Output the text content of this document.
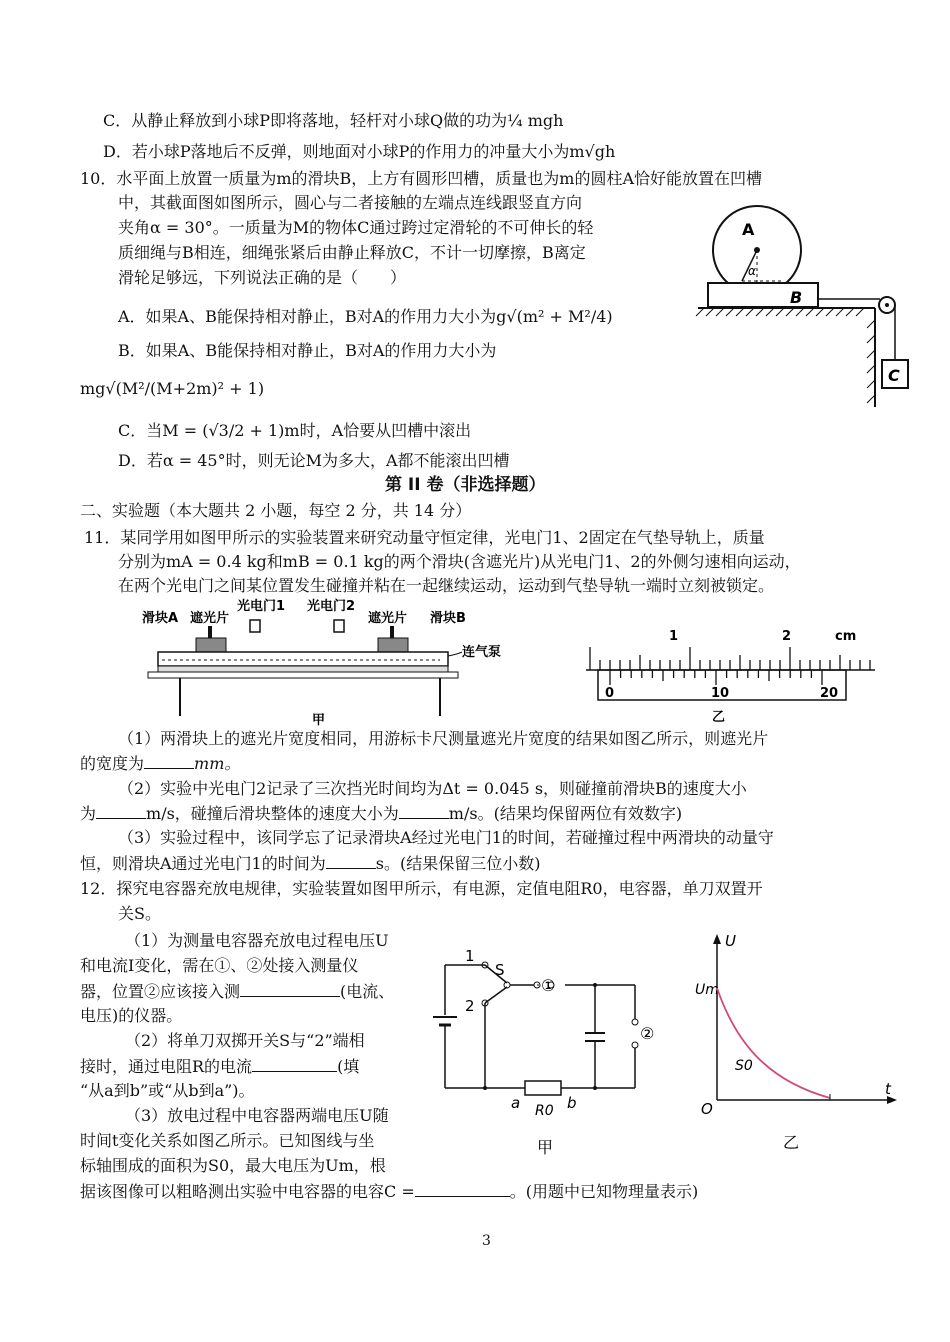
C．从静止释放到小球P即将落地，轻杆对小球Q做的功为¼ mgh
D．若小球P落地后不反弹，则地面对小球P的作用力的冲量大小为m√gh
10．水平面上放置一质量为m的滑块B，上方有圆形凹槽，质量也为m的圆柱A恰好能放置在凹槽
中，其截面图如图所示，圆心与二者接触的左端点连线跟竖直方向
夹角α = 30°。一质量为M的物体C通过跨过定滑轮的不可伸长的轻
质细绳与B相连，细绳张紧后由静止释放C，不计一切摩擦，B离定
滑轮足够远，下列说法正确的是（　　）
A．如果A、B能保持相对静止，B对A的作用力大小为g√(m² + M²/4)
B．如果A、B能保持相对静止，B对A的作用力大小为
mg√(M²/(M+2m)² + 1)
C．当M = (√3/2 + 1)m时，A恰要从凹槽中滚出
D．若α = 45°时，则无论M为多大，A都不能滚出凹槽
A
α
B
C
第 II 卷（非选择题）
二、实验题（本大题共 2 小题，每空 2 分，共 14 分）
11．某同学用如图甲所示的实验装置来研究动量守恒定律，光电门1、2固定在气垫导轨上，质量
分别为mA = 0.4 kg和mB = 0.1 kg的两个滑块(含遮光片)从光电门1、2的外侧匀速相向运动，
在两个光电门之间某位置发生碰撞并粘在一起继续运动，运动到气垫导轨一端时立刻被锁定。
滑块A 遮光片
光电门1 光电门2
遮光片 滑块B
连气泵
甲
1	2	cm
0	10	20
乙
（1）两滑块上的遮光片宽度相同，用游标卡尺测量遮光片宽度的结果如图乙所示，则遮光片
的宽度为	mm。
（2）实验中光电门2记录了三次挡光时间均为Δt = 0.045 s，则碰撞前滑块B的速度大小
为	m/s，碰撞后滑块整体的速度大小为	m/s。(结果均保留两位有效数字)
（3）实验过程中，该同学忘了记录滑块A经过光电门1的时间，若碰撞过程中两滑块的动量守
恒，则滑块A通过光电门1的时间为	s。(结果保留三位小数)
12．探究电容器充放电规律，实验装置如图甲所示，有电源，定值电阻R0，电容器，单刀双置开
关S。
（1）为测量电容器充放电过程电压U
和电流I变化，需在①、②处接入测量仪
器，位置②应该接入测	(电流、
电压)的仪器。
（2）将单刀双掷开关S与“2”端相
接时，通过电阻R的电流	(填
“从a到b”或“从b到a”)。
（3）放电过程中电容器两端电压U随
时间t变化关系如图乙所示。已知图线与坐
标轴围成的面积为S0，最大电压为Um，根
据该图像可以粗略测出实验中电容器的电容C =	。(用题中已知物理量表示)
1
2
S
①
a	b
R0
②
甲
U
t
O
Um
S0
乙
3
